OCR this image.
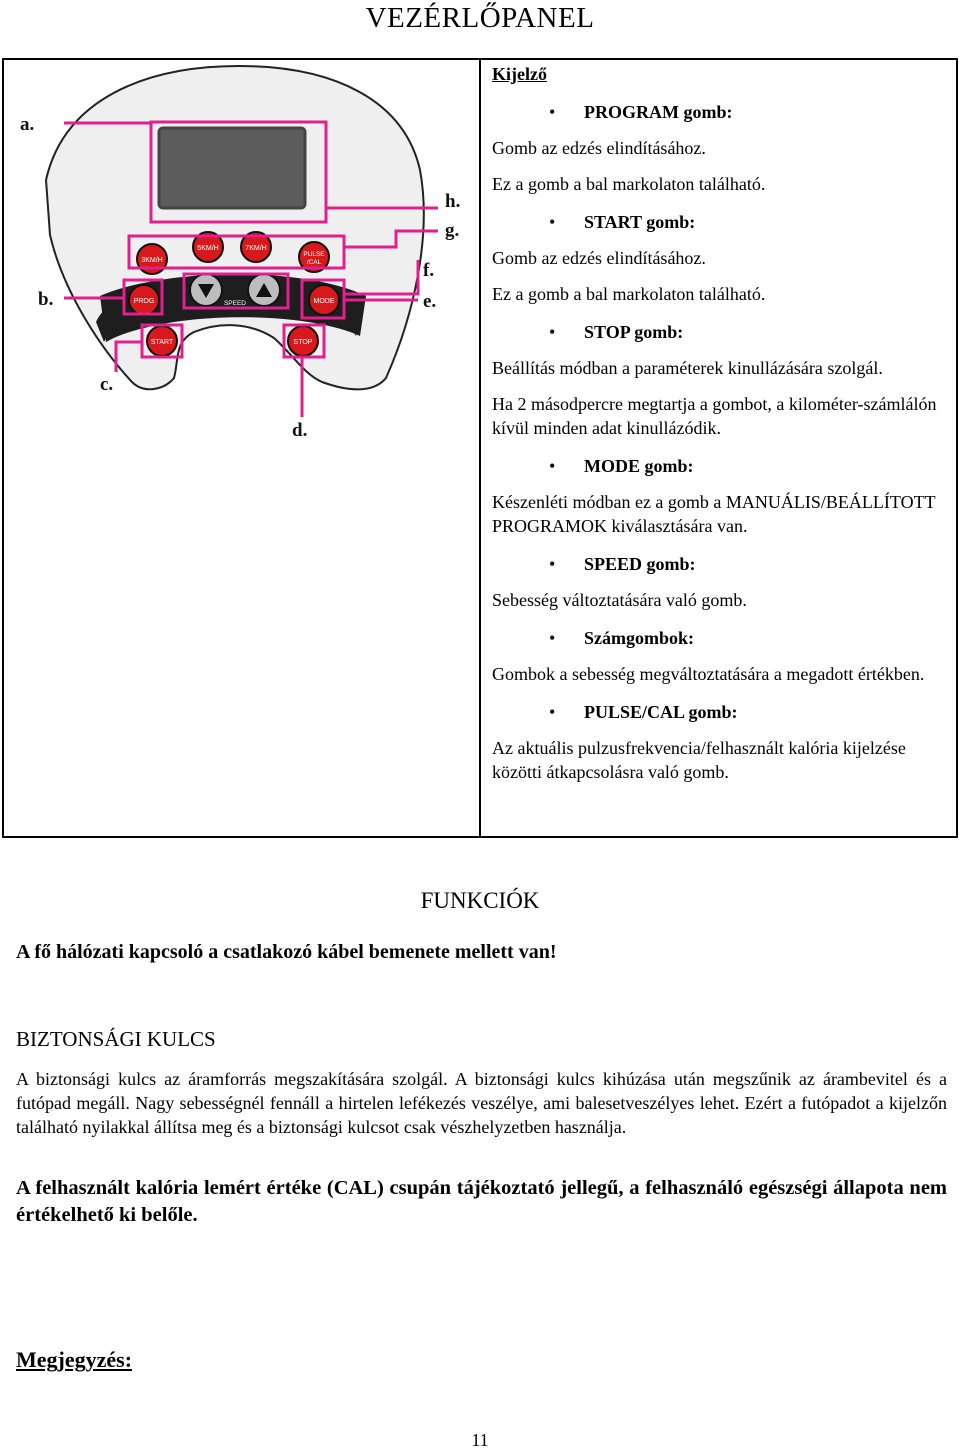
VEZÉRLŐPANEL
3KM/H
5KM/H	7KM/H
PULSE
/CAL
PROG	MODE
SPEED
START	STOP
a.
b.
c.
d.
h.
g.
f.
e.
Kijelző
• PROGRAM gomb:
Gomb az edzés elindításához.
Ez a gomb a bal markolaton található.
• START gomb:
Gomb az edzés elindításához.
Ez a gomb a bal markolaton található.
• STOP gomb:
Beállítás módban a paraméterek kinullázására szolgál.
Ha 2 másodpercre megtartja a gombot, a kilométer-számlálón kívül minden adat kinullázódik.
• MODE gomb:
Készenléti módban ez a gomb a MANUÁLIS/BEÁLLÍTOTT PROGRAMOK kiválasztására van.
• SPEED gomb:
Sebesség változtatására való gomb.
• Számgombok:
Gombok a sebesség megváltoztatására a megadott értékben.
• PULSE/CAL gomb:
Az aktuális pulzusfrekvencia/felhasznált kalória kijelzése közötti átkapcsolásra való gomb.
FUNKCIÓK
A fő hálózati kapcsoló a csatlakozó kábel bemenete mellett van!
BIZTONSÁGI KULCS
A biztonsági kulcs az áramforrás megszakítására szolgál. A biztonsági kulcs kihúzása után megszűnik az árambevitel és a futópad megáll. Nagy sebességnél fennáll a hirtelen lefékezés veszélye, ami balesetveszélyes lehet. Ezért a futópadot a kijelzőn található nyilakkal állítsa meg és a biztonsági kulcsot csak vészhelyzetben használja.
A felhasznált kalória lemért értéke (CAL) csupán tájékoztató jellegű, a felhasználó egészségi állapota nem értékelhető ki belőle.
Megjegyzés:
11
